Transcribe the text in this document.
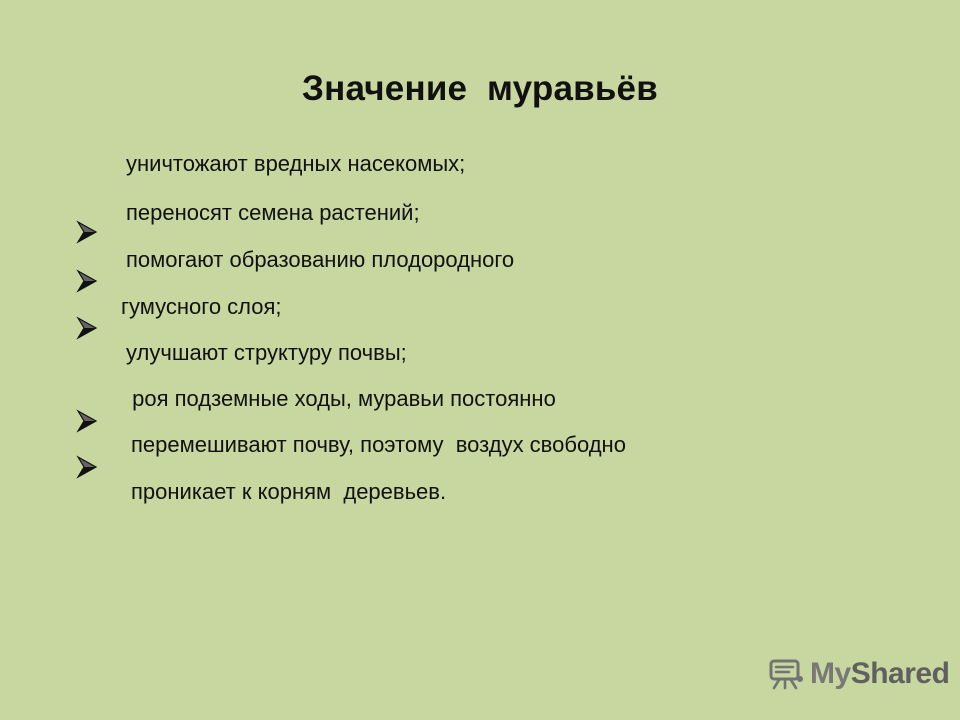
Значение  муравьёв

уничтожают вредных насекомых;

переносят семена растений;

помогают образованию плодородного
гумусного слоя;

улучшают структуру почвы;

роя подземные ходы, муравьи постоянно
перемешивают почву, поэтому  воздух свободно
проникает к корням  деревьев.
MyShared
